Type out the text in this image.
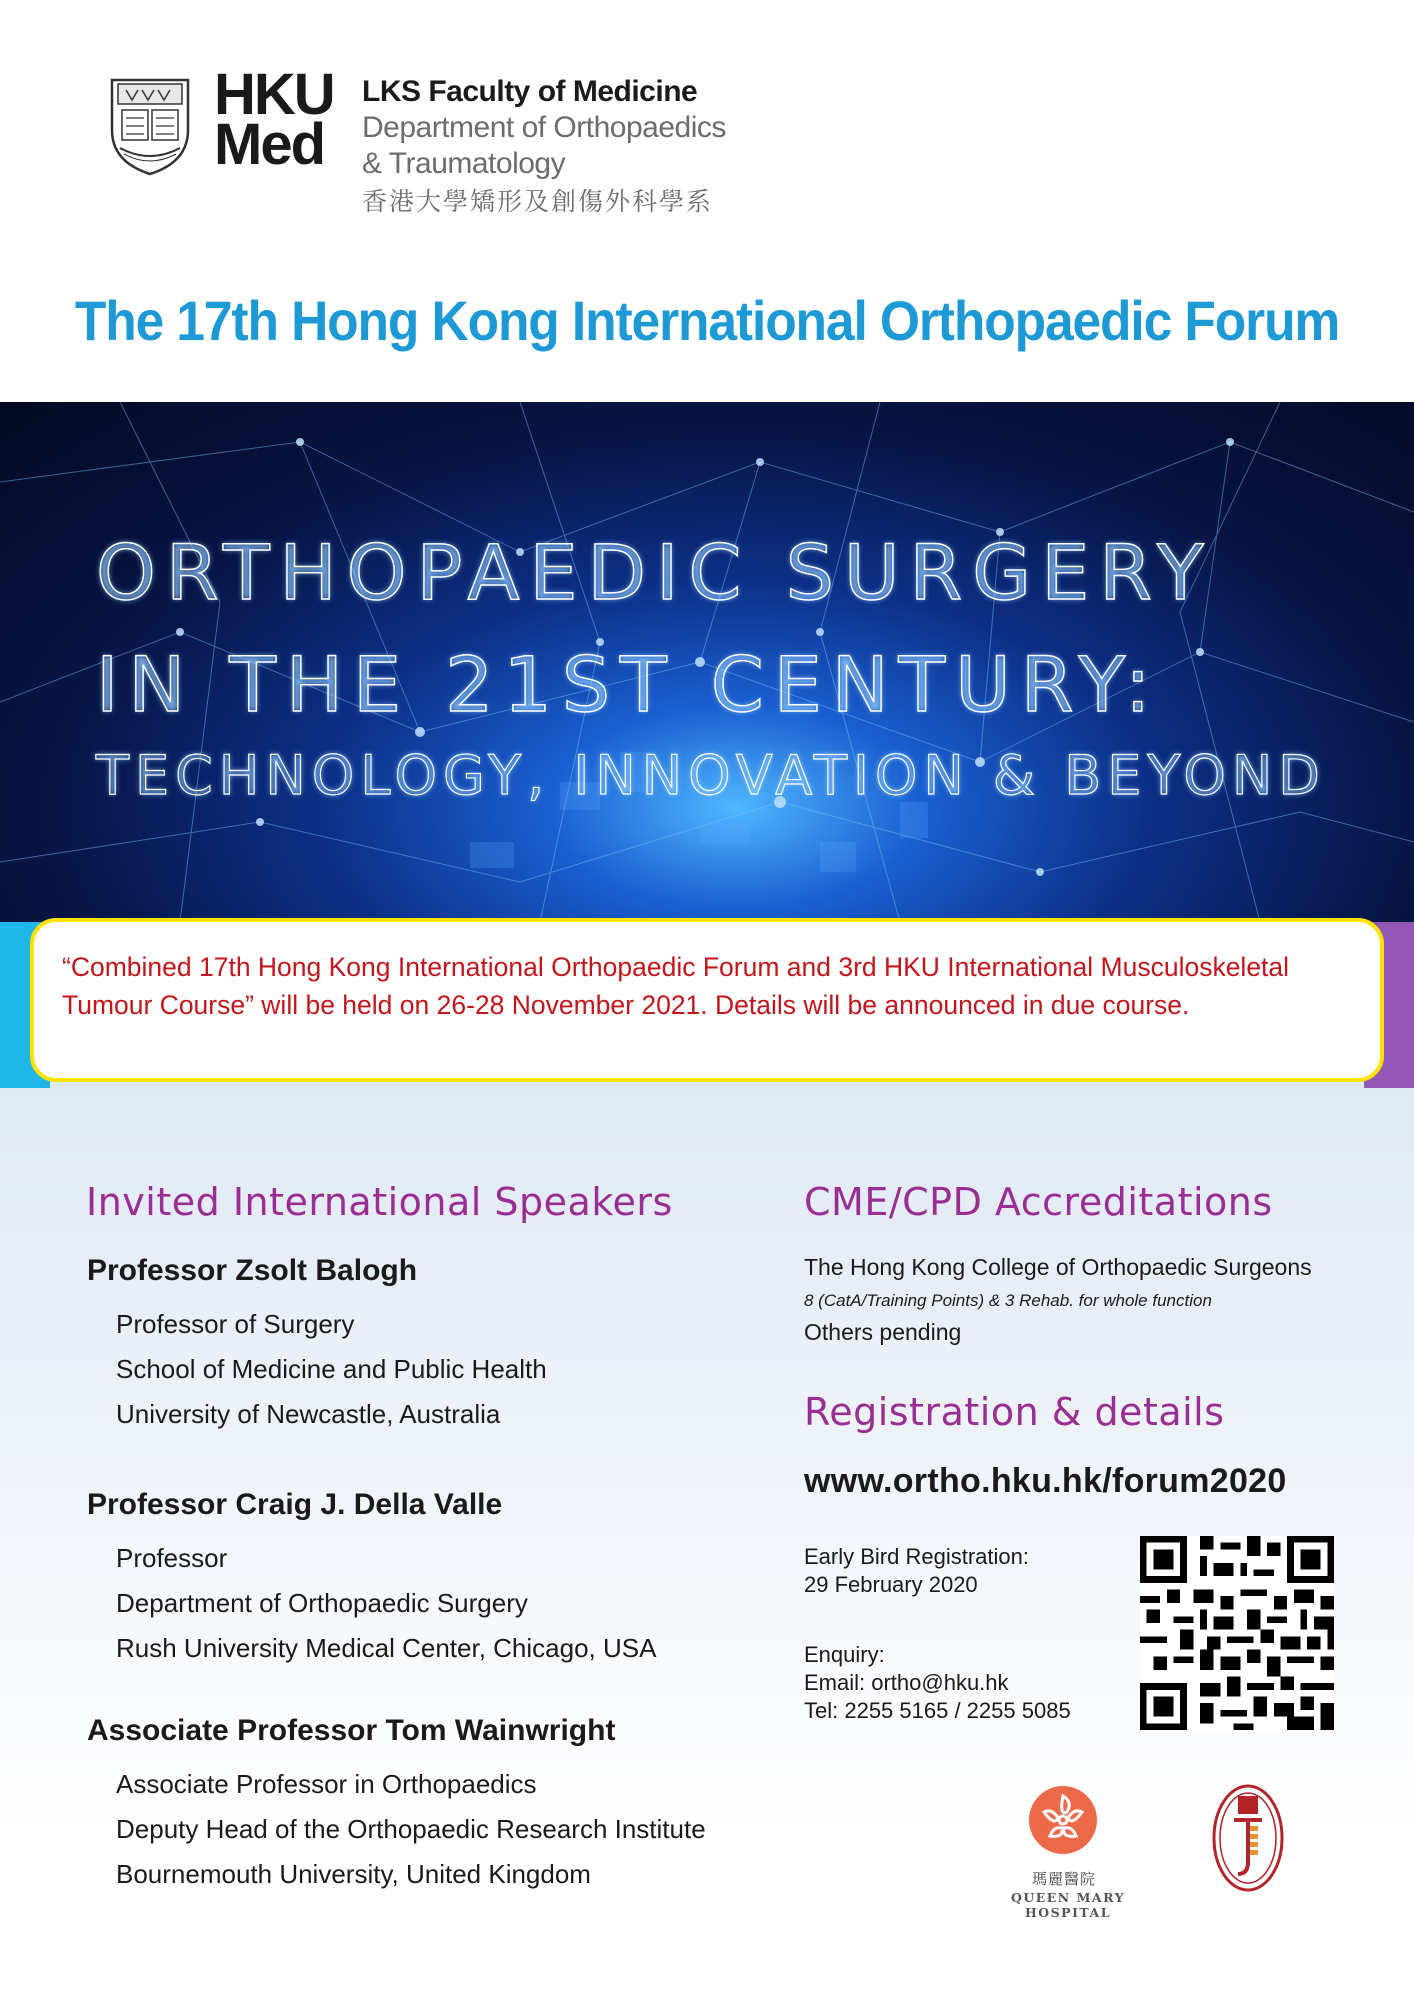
HKU Med
LKS Faculty of Medicine
Department of Orthopaedics
& Traumatology
香港大學矯形及創傷外科學系
The 17th Hong Kong International Orthopaedic Forum
ORTHOPAEDIC SURGERY
IN THE 21ST CENTURY:
TECHNOLOGY, INNOVATION & BEYOND
“Combined 17th Hong Kong International Orthopaedic Forum and 3rd HKU International Musculoskeletal Tumour Course” will be held on 26-28 November 2021. Details will be announced in due course.
Invited International Speakers
Professor Zsolt Balogh
Professor of Surgery
School of Medicine and Public Health
University of Newcastle, Australia
Professor Craig J. Della Valle
Professor
Department of Orthopaedic Surgery
Rush University Medical Center, Chicago, USA
Associate Professor Tom Wainwright
Associate Professor in Orthopaedics
Deputy Head of the Orthopaedic Research Institute
Bournemouth University, United Kingdom
CME/CPD Accreditations
The Hong Kong College of Orthopaedic Surgeons
8 (CatA/Training Points) & 3 Rehab. for whole function
Others pending
Registration & details
www.ortho.hku.hk/forum2020
Early Bird Registration:
29 February 2020
Enquiry:
Email: ortho@hku.hk
Tel: 2255 5165 / 2255 5085
瑪麗醫院
QUEEN MARY HOSPITAL
